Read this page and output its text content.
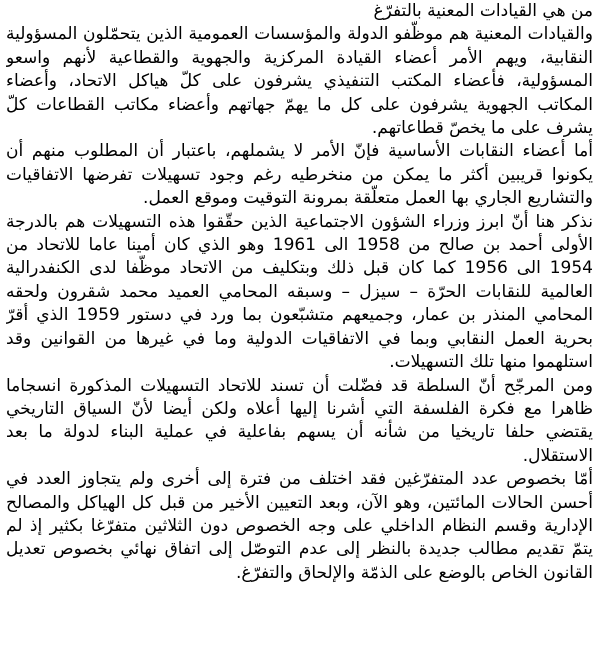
من هي القيادات المعنية بالتفرّغ

والقيادات المعنية هم موظّفو الدولة والمؤسسات العمومية الذين يتحمّلون المسؤولية النقابية، ويهم الأمر أعضاء القيادة المركزية والجهوية والقطاعية لأنهم واسعو المسؤولية، فأعضاء المكتب التنفيذي يشرفون على كلّ هياكل الاتحاد، وأعضاء المكاتب الجهوية يشرفون على كل ما يهمّ جهاتهم وأعضاء مكاتب القطاعات كلّ يشرف على ما يخصّ قطاعاتهم.

أما أعضاء النقابات الأساسية فإنّ الأمر لا يشملهم، باعتبار أن المطلوب منهم أن يكونوا قريبين أكثر ما يمكن من منخرطيه رغم وجود تسهيلات تفرضها الاتفاقيات والتشاريع الجاري بها العمل متعلّقة بمرونة التوقيت وموقع العمل.

نذكر هنا أنّ ابرز وزراء الشؤون الاجتماعية الذين حقّقوا هذه التسهيلات هم بالدرجة الأولى أحمد بن صالح من 1958 الى 1961 وهو الذي كان أمينا عاما للاتحاد من 1954 الى 1956 كما كان قبل ذلك وبتكليف من الاتحاد موظّفا لدى الكنفدرالية العالمية للنقابات الحرّة – سيزل – وسبقه المحامي العميد محمد شقرون ولحقه المحامي المنذر بن عمار، وجميعهم متشبّعون بما ورد في دستور 1959 الذي أقرّ بحرية العمل النقابي وبما في الاتفاقيات الدولية وما في غيرها من القوانين وقد استلهموا منها تلك التسهيلات.

ومن المرجّح أنّ السلطة قد فضّلت أن تسند للاتحاد التسهيلات المذكورة انسجاما ظاهرا مع فكرة الفلسفة التي أشرنا إليها أعلاه ولكن أيضا لأنّ السياق التاريخي يقتضي حلفا تاريخيا من شأنه أن يسهم بفاعلية في عملية البناء لدولة ما بعد الاستقلال.

أمّا بخصوص عدد المتفرّغين فقد اختلف من فترة إلى أخرى ولم يتجاوز العدد في أحسن الحالات المائتين، وهو الآن، وبعد التعيين الأخير من قبل كل الهياكل والمصالح الإدارية وقسم النظام الداخلي على وجه الخصوص دون الثلاثين متفرّغا بكثير إذ لم يتمّ تقديم مطالب جديدة بالنظر إلى عدم التوصّل إلى اتفاق نهائي بخصوص تعديل القانون الخاص بالوضع على الذمّة والإلحاق والتفرّغ.
